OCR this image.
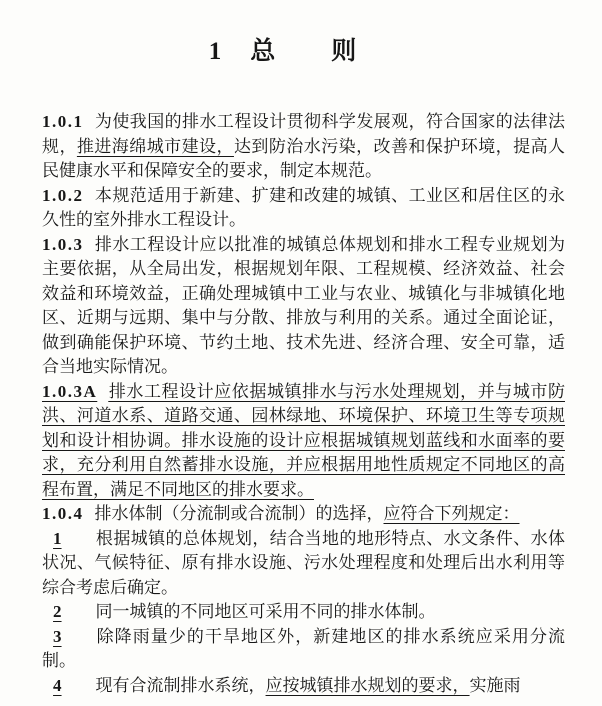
1　总　　则

1.0.1 为使我国的排水工程设计贯彻科学发展观，符合国家的法律法规，推进海绵城市建设，达到防治水污染，改善和保护环境，提高人民健康水平和保障安全的要求，制定本规范。

1.0.2 本规范适用于新建、扩建和改建的城镇、工业区和居住区的永久性的室外排水工程设计。

1.0.3 排水工程设计应以批准的城镇总体规划和排水工程专业规划为主要依据，从全局出发，根据规划年限、工程规模、经济效益、社会效益和环境效益，正确处理城镇中工业与农业、城镇化与非城镇化地区、近期与远期、集中与分散、排放与利用的关系。通过全面论证，做到确能保护环境、节约土地、技术先进、经济合理、安全可靠，适合当地实际情况。

1.0.3A 排水工程设计应依据城镇排水与污水处理规划，并与城市防洪、河道水系、道路交通、园林绿地、环境保护、环境卫生等专项规划和设计相协调。排水设施的设计应根据城镇规划蓝线和水面率的要求，充分利用自然蓄排水设施，并应根据用地性质规定不同地区的高程布置，满足不同地区的排水要求。

1.0.4 排水体制（分流制或合流制）的选择，应符合下列规定：

1 根据城镇的总体规划，结合当地的地形特点、水文条件、水体状况、气候特征、原有排水设施、污水处理程度和处理后出水利用等综合考虑后确定。

2 同一城镇的不同地区可采用不同的排水体制。

3 除降雨量少的干旱地区外，新建地区的排水系统应采用分流制。

4 现有合流制排水系统，应按城镇排水规划的要求，实施雨
